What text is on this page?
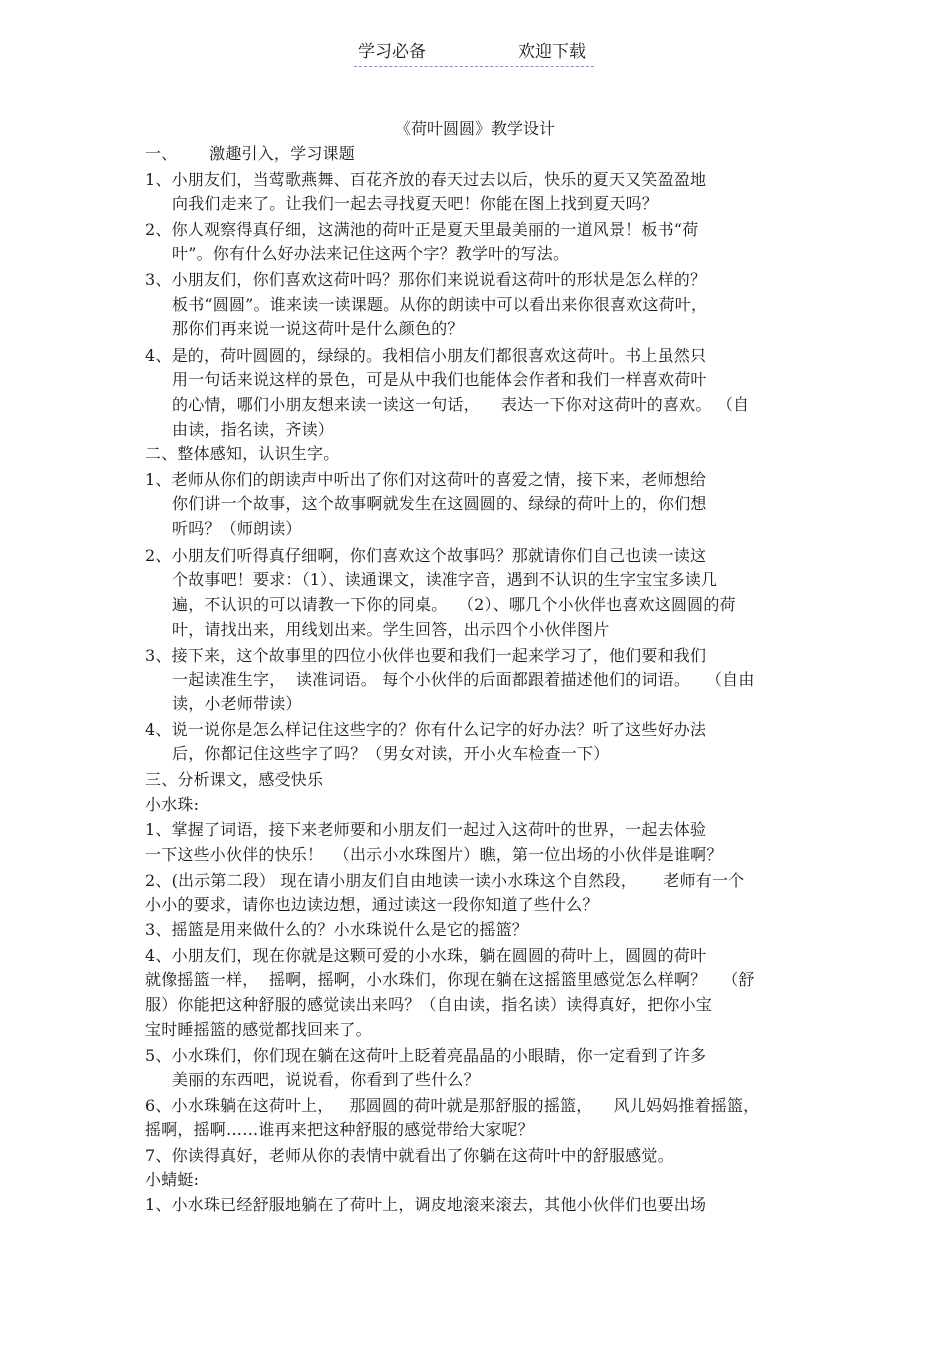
学习必备	欢迎下载
《荷叶圆圆》教学设计
一、      激趣引入，学习课题
1、小朋友们，当莺歌燕舞、百花齐放的春天过去以后，快乐的夏天又笑盈盈地
向我们走来了。让我们一起去寻找夏天吧！你能在图上找到夏天吗？
2、你人观察得真仔细，这满池的荷叶正是夏天里最美丽的一道风景！板书“荷
叶”。你有什么好办法来记住这两个字？教学叶的写法。
3、小朋友们，你们喜欢这荷叶吗？那你们来说说看这荷叶的形状是怎么样的？
板书“圆圆”。谁来读一读课题。从你的朗读中可以看出来你很喜欢这荷叶，
那你们再来说一说这荷叶是什么颜色的？
4、是的，荷叶圆圆的，绿绿的。我相信小朋友们都很喜欢这荷叶。书上虽然只
用一句话来说这样的景色，可是从中我们也能体会作者和我们一样喜欢荷叶
的心情，哪们小朋友想来读一读这一句话，    表达一下你对这荷叶的喜欢。 （自
由读，指名读，齐读）
二、整体感知，认识生字。
1、老师从你们的朗读声中听出了你们对这荷叶的喜爱之情，接下来，老师想给
你们讲一个故事，这个故事啊就发生在这圆圆的、绿绿的荷叶上的，你们想
听吗？（师朗读）
2、小朋友们听得真仔细啊，你们喜欢这个故事吗？那就请你们自己也读一读这
个故事吧！要求：（1）、读通课文，读准字音，遇到不认识的生字宝宝多读几
遍，不认识的可以请教一下你的同桌。  （2）、哪几个小伙伴也喜欢这圆圆的荷
叶，请找出来，用线划出来。学生回答，出示四个小伙伴图片
3、接下来，这个故事里的四位小伙伴也要和我们一起来学习了，他们要和我们
一起读准生字，  读准词语。 每个小伙伴的后面都跟着描述他们的词语。   （自由
读，小老师带读）
4、说一说你是怎么样记住这些字的？你有什么记字的好办法？听了这些好办法
后，你都记住这些字了吗？（男女对读，开小火车检查一下）
三、分析课文，感受快乐
小水珠:
1、掌握了词语，接下来老师要和小朋友们一起过入这荷叶的世界，一起去体验
一下这些小伙伴的快乐！  （出示小水珠图片）瞧，第一位出场的小伙伴是谁啊？
2、(出示第二段） 现在请小朋友们自由地读一读小水珠这个自然段，     老师有一个
小小的要求，请你也边读边想，通过读这一段你知道了些什么？
3、摇篮是用来做什么的？小水珠说什么是它的摇篮？
4、小朋友们，现在你就是这颗可爱的小水珠，躺在圆圆的荷叶上，圆圆的荷叶
就像摇篮一样，  摇啊，摇啊，小水珠们，你现在躺在这摇篮里感觉怎么样啊？   （舒
服）你能把这种舒服的感觉读出来吗？（自由读，指名读）读得真好，把你小宝
宝时睡摇篮的感觉都找回来了。
5、小水珠们，你们现在躺在这荷叶上眨着亮晶晶的小眼睛，你一定看到了许多
美丽的东西吧，说说看，你看到了些什么？
6、小水珠躺在这荷叶上，   那圆圆的荷叶就是那舒服的摇篮，    风儿妈妈推着摇篮，
摇啊，摇啊……谁再来把这种舒服的感觉带给大家呢？
7、你读得真好，老师从你的表情中就看出了你躺在这荷叶中的舒服感觉。
小蜻蜓:
1、小水珠已经舒服地躺在了荷叶上，调皮地滚来滚去，其他小伙伴们也要出场
